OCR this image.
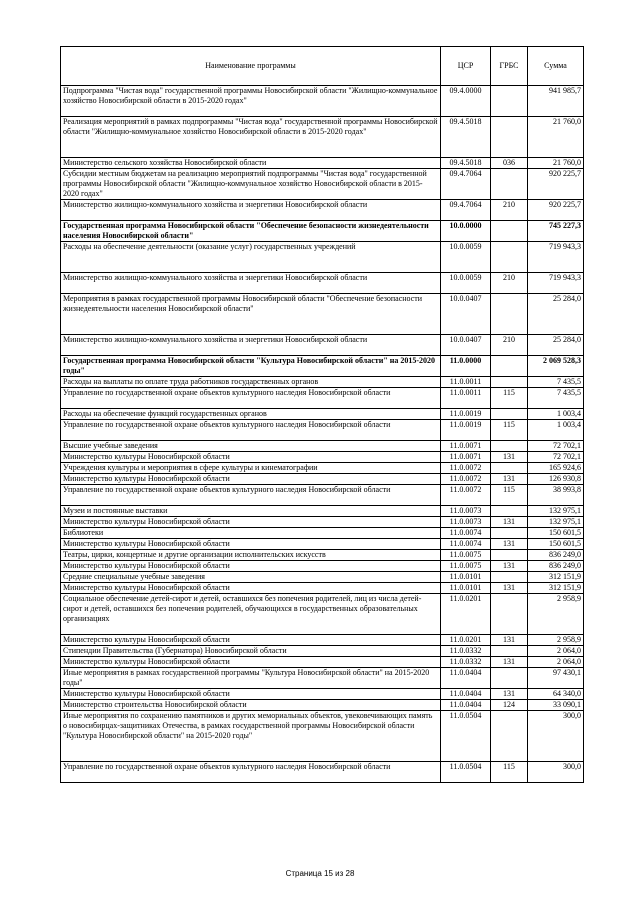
Наименование программы	ЦСР	ГРБС	Сумма
Подпрограмма "Чистая вода" государственной программы Новосибирской области "Жилищно-коммунальное хозяйство Новосибирской области в 2015-2020 годах"	09.4.0000		941 985,7
Реализация мероприятий в рамках подпрограммы "Чистая вода" государственной программы Новосибирской области "Жилищно-коммунальное хозяйство Новосибирской области в 2015-2020 годах"	09.4.5018		21 760,0
Министерство сельского хозяйства Новосибирской области	09.4.5018	036	21 760,0
Субсидии местным бюджетам на реализацию мероприятий подпрограммы "Чистая вода" государственной программы Новосибирской области "Жилищно-коммунальное хозяйство Новосибирской области в 2015-2020 годах"	09.4.7064		920 225,7
Министерство жилищно-коммунального хозяйства и энергетики Новосибирской области	09.4.7064	210	920 225,7
Государственная программа Новосибирской области "Обеспечение безопасности жизнедеятельности населения Новосибирской области"	10.0.0000		745 227,3
Расходы на обеспечение деятельности (оказание услуг) государственных учреждений	10.0.0059		719 943,3
Министерство жилищно-коммунального хозяйства и энергетики Новосибирской области	10.0.0059	210	719 943,3
Мероприятия в рамках государственной программы Новосибирской области "Обеспечение безопасности жизнедеятельности населения Новосибирской области"	10.0.0407		25 284,0
Министерство жилищно-коммунального хозяйства и энергетики Новосибирской области	10.0.0407	210	25 284,0
Государственная программа Новосибирской области "Культура Новосибирской области" на 2015-2020 годы"	11.0.0000		2 069 528,3
Расходы на выплаты по оплате труда работников государственных органов	11.0.0011		7 435,5
Управление по государственной охране объектов культурного наследия Новосибирской области	11.0.0011	115	7 435,5
Расходы на обеспечение функций государственных органов	11.0.0019		1 003,4
Управление по государственной охране объектов культурного наследия Новосибирской области	11.0.0019	115	1 003,4
Высшие учебные заведения	11.0.0071		72 702,1
Министерство культуры Новосибирской области	11.0.0071	131	72 702,1
Учреждения культуры и мероприятия в сфере культуры и кинематографии	11.0.0072		165 924,6
Министерство культуры Новосибирской области	11.0.0072	131	126 930,8
Управление по государственной охране объектов культурного наследия Новосибирской области	11.0.0072	115	38 993,8
Музеи и постоянные выставки	11.0.0073		132 975,1
Министерство культуры Новосибирской области	11.0.0073	131	132 975,1
Библиотеки	11.0.0074		150 601,5
Министерство культуры Новосибирской области	11.0.0074	131	150 601,5
Театры, цирки, концертные и другие организации исполнительских искусств	11.0.0075		836 249,0
Министерство культуры Новосибирской области	11.0.0075	131	836 249,0
Средние специальные учебные заведения	11.0.0101		312 151,9
Министерство культуры Новосибирской области	11.0.0101	131	312 151,9
Социальное обеспечение детей-сирот и детей, оставшихся без попечения родителей, лиц из числа детей-сирот и детей, оставшихся без попечения родителей, обучающихся в государственных образовательных организациях	11.0.0201		2 958,9
Министерство культуры Новосибирской области	11.0.0201	131	2 958,9
Стипендии Правительства (Губернатора) Новосибирской области	11.0.0332		2 064,0
Министерство культуры Новосибирской области	11.0.0332	131	2 064,0
Иные мероприятия в рамках государственной программы "Культура Новосибирской области" на 2015-2020 годы"	11.0.0404		97 430,1
Министерство культуры Новосибирской области	11.0.0404	131	64 340,0
Министерство строительства Новосибирской области	11.0.0404	124	33 090,1
Иные мероприятия по сохранению памятников и других мемориальных объектов, увековечивающих память о новосибирцах-защитниках Отечества, в рамках государственной программы Новосибирской области "Культура Новосибирской области" на 2015-2020 годы"	11.0.0504		300,0
Управление по государственной охране объектов культурного наследия Новосибирской области	11.0.0504	115	300,0
Страница 15 из 28
